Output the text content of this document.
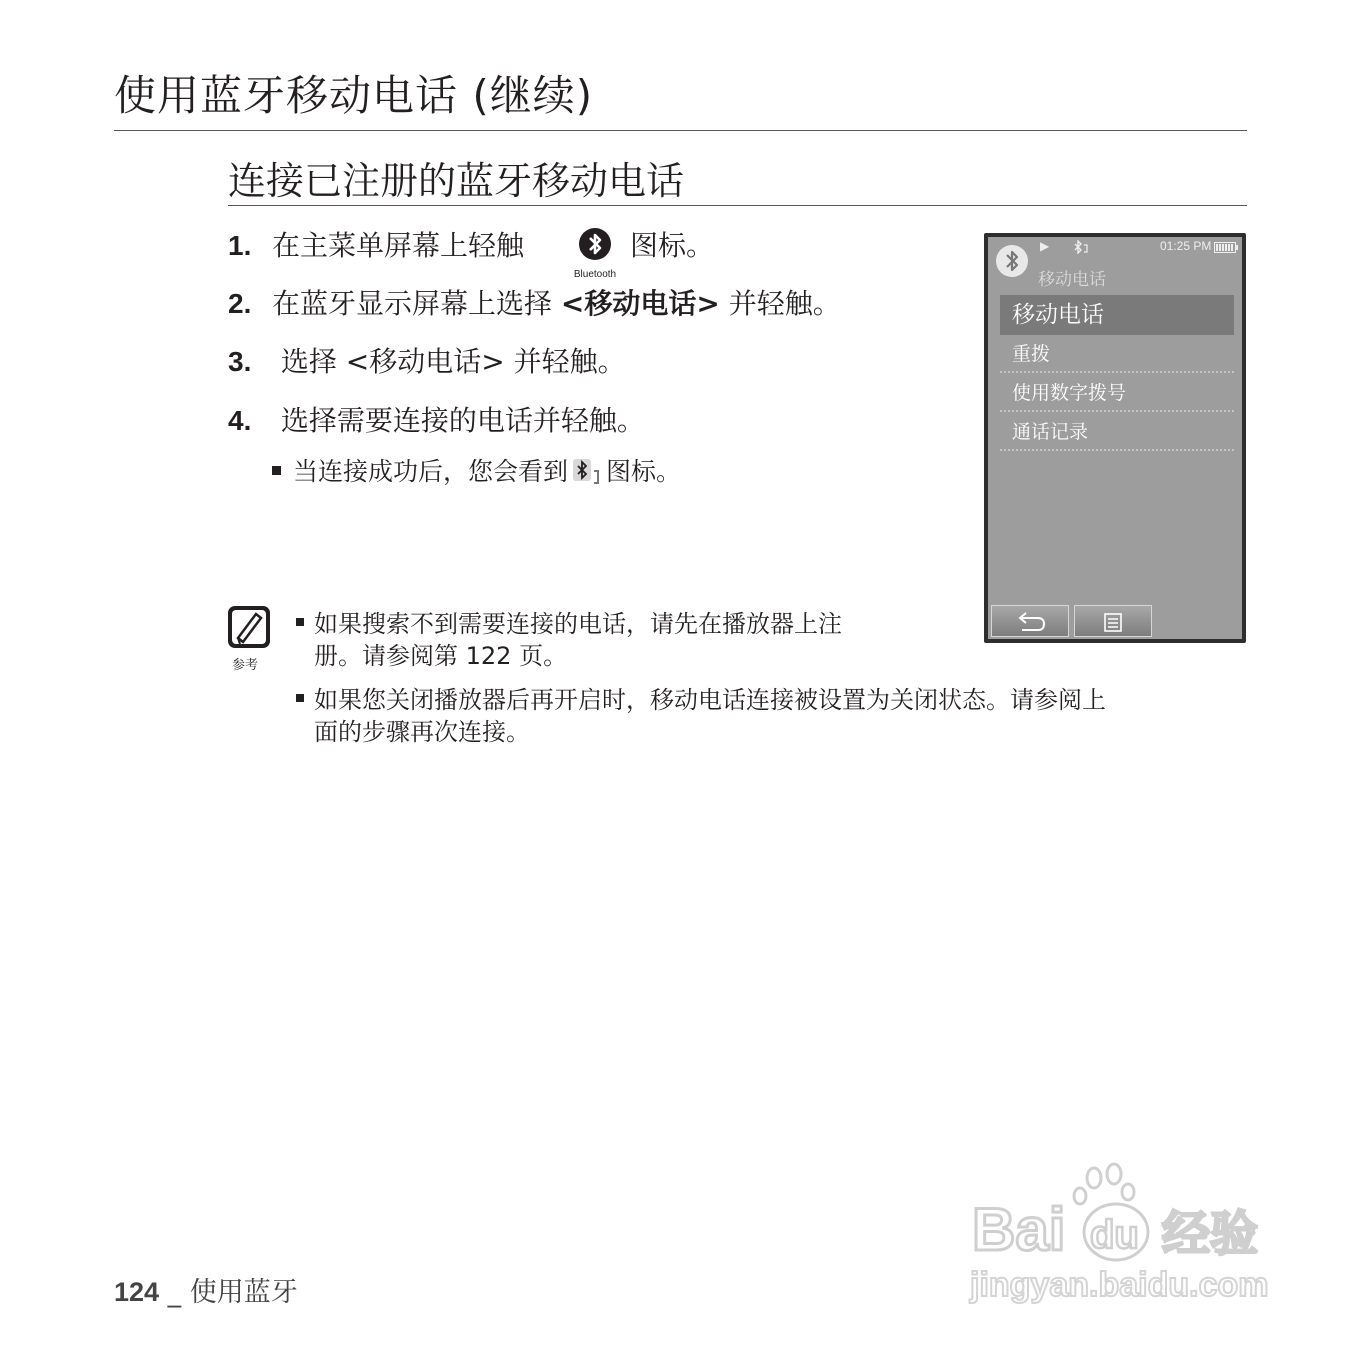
使用蓝牙移动电话 (继续)
连接已注册的蓝牙移动电话
1. 在主菜单屏幕上轻触
Bluetooth
图标。
2. 在蓝牙显示屏幕上选择 <移动电话> 并轻触。
3. 选择 <移动电话> 并轻触。
4. 选择需要连接的电话并轻触。
当连接成功后，您会看到 图标。
参考
如果搜索不到需要连接的电话，请先在播放器上注
册。请参阅第 122 页。
如果您关闭播放器后再开启时，移动电话连接被设置为关闭状态。请参阅上
面的步骤再次连接。
▶	01:25 PM
移动电话
移动电话
重拨
使用数字拨号
通话记录
124 _ 使用蓝牙
Bai du 经验
jingyan.baidu.com
